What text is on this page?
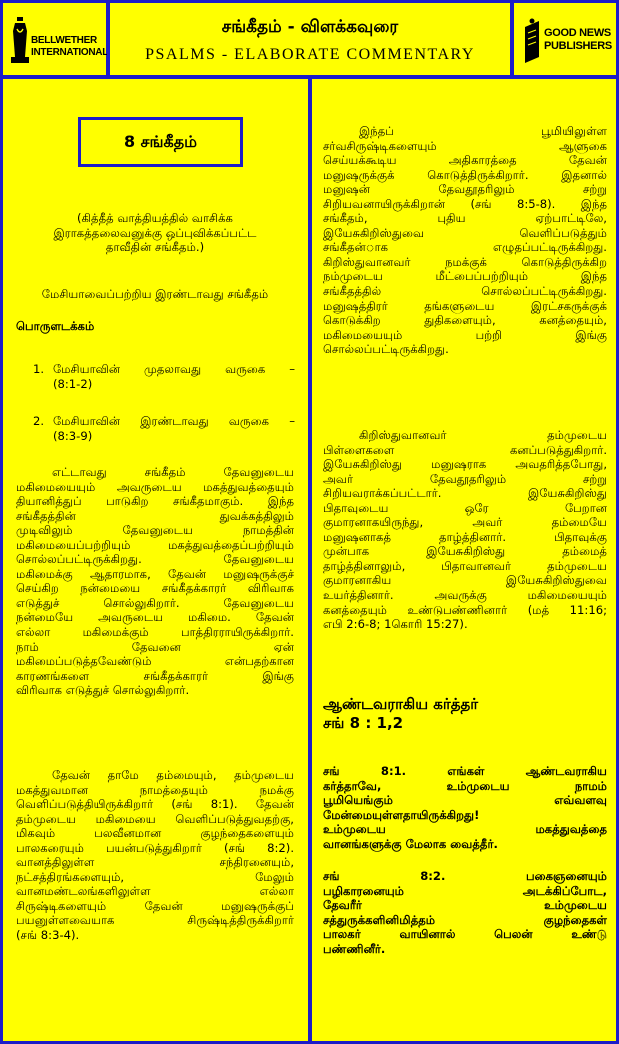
BELLWETHER
INTERNATIONAL
சங்கீதம் - விளக்கவுரை
PSALMS - ELABORATE COMMENTARY
GOOD NEWS
PUBLISHERS
8 சங்கீதம்
(கித்தீத் வாத்தியத்தில் வாசிக்க
இராகத்தலைவனுக்கு ஒப்புவிக்கப்பட்ட
தாவீதின் சங்கீதம்.)
மேசியாவைப்பற்றிய இரண்டாவது சங்கீதம்
பொருளடக்கம்
1. மேசியாவின் முதலாவது வருகை –
(8:1-2)
2. மேசியாவின் இரண்டாவது வருகை –
(8:3-9)
எட்டாவது சங்கீதம் தேவனுடைய
மகிமையையும் அவருடைய மகத்துவத்தையும்
தியானித்துப் பாடுகிற சங்கீதமாகும். இந்த
சங்கீதத்தின் துவக்கத்திலும்
முடிவிலும் தேவனுடைய நாமத்தின்
மகிமையைப்பற்றியும் மகத்துவத்தைப்பற்றியும்
சொல்லப்பட்டிருக்கிறது. தேவனுடைய
மகிமைக்கு ஆதாரமாக, தேவன் மனுஷருக்குச்
செய்கிற நன்மையை சங்கீதக்காரர் விரிவாக
எடுத்துச் சொல்லுகிறார். தேவனுடைய
நன்மையே அவருடைய மகிமை. தேவன்
எல்லா மகிமைக்கும் பாத்திரராயிருக்கிறார்.
நாம் தேவனை ஏன்
மகிமைப்படுத்தவேண்டும் என்பதற்கான
காரணங்களை சங்கீதக்காரர் இங்கு
விரிவாக எடுத்துச் சொல்லுகிறார்.
தேவன் தாமே தம்மையும், தம்முடைய
மகத்துவமான நாமத்தையும் நமக்கு
வெளிப்படுத்தியிருக்கிறார் (சங் 8:1). தேவன்
தம்முடைய மகிமையை வெளிப்படுத்துவதற்கு,
மிகவும் பலவீனமான குழந்தைகளையும்
பாலகரையும் பயன்படுத்துகிறார் (சங் 8:2).
வானத்திலுள்ள சந்திரனையும்,
நட்சத்திரங்களையும், மேலும்
வானமண்டலங்களிலுள்ள எல்லா
சிருஷ்டிகளையும் தேவன் மனுஷருக்குப்
பயனுள்ளவையாக சிருஷ்டித்திருக்கிறார்
(சங் 8:3-4).
இந்தப் பூமியிலுள்ள
சர்வசிருஷ்டிகளையும் ஆளுகை
செய்யக்கூடிய அதிகாரத்தை தேவன்
மனுஷருக்குக் கொடுத்திருக்கிறார். இதனால்
மனுஷன் தேவதூதரிலும் சற்று
சிறியவனாயிருக்கிறான் (சங் 8:5-8). இந்த
சங்கீதம், புதிய ஏற்பாட்டிலே,
இயேசுகிறிஸ்துவை வெளிப்படுத்தும்
சங்கீதன்ாக எழுதப்பட்டிருக்கிறது.
கிறிஸ்துவானவர் நமக்குக் கொடுத்திருக்கிற
நம்முடைய மீட்பைப்பற்றியும் இந்த
சங்கீதத்தில் சொல்லப்பட்டிருக்கிறது.
மனுஷத்திரர் தங்களுடைய இரட்சகருக்குக்
கொடுக்கிற துதிகளையும், கனத்தையும்,
மகிமையையும் பற்றி இங்கு
சொல்லப்பட்டிருக்கிறது.
கிறிஸ்துவானவர் தம்முடைய
பிள்ளைகளை கனப்படுத்துகிறார்.
இயேசுகிறிஸ்து மனுஷராக அவதரித்தபோது,
அவர் தேவதூதரிலும் சற்று
சிறியவராக்கப்பட்டார். இயேசுகிறிஸ்து
பிதாவுடைய ஒரே பேறான
குமாரனாகயிருந்து, அவர் தம்மையே
மனுஷனாகத் தாழ்த்தினார். பிதாவுக்கு
முன்பாக இயேசுகிறிஸ்து தம்மைத்
தாழ்த்தினாலும், பிதாவானவர் தம்முடைய
குமாரனாகிய இயேசுகிறிஸ்துவை
உயர்த்தினார். அவருக்கு மகிமையையும்
கனத்தையும் உண்டுபண்ணினார் (மத் 11:16;
எபி 2:6-8; 1கொரி 15:27).
ஆண்டவராகிய கர்த்தர்
சங் 8 : 1,2
சங் 8:1. எங்கள் ஆண்டவராகிய
கர்த்தாவே, உம்முடைய நாமம்
பூமியெங்கும் எவ்வளவு
மேன்மையுள்ளதாயிருக்கிறது!
உம்முடைய மகத்துவத்தை
வானங்களுக்கு மேலாக வைத்தீர்.
சங் 8:2. பகைஞனையும்
பழிகாரனையும் அடக்கிப்போட,
தேவரீர் உம்முடைய
சத்துருக்களினிமித்தம் குழந்தைகள்
பாலகர் வாயினால் பெலன் உண்டு
பண்ணினீர்.
